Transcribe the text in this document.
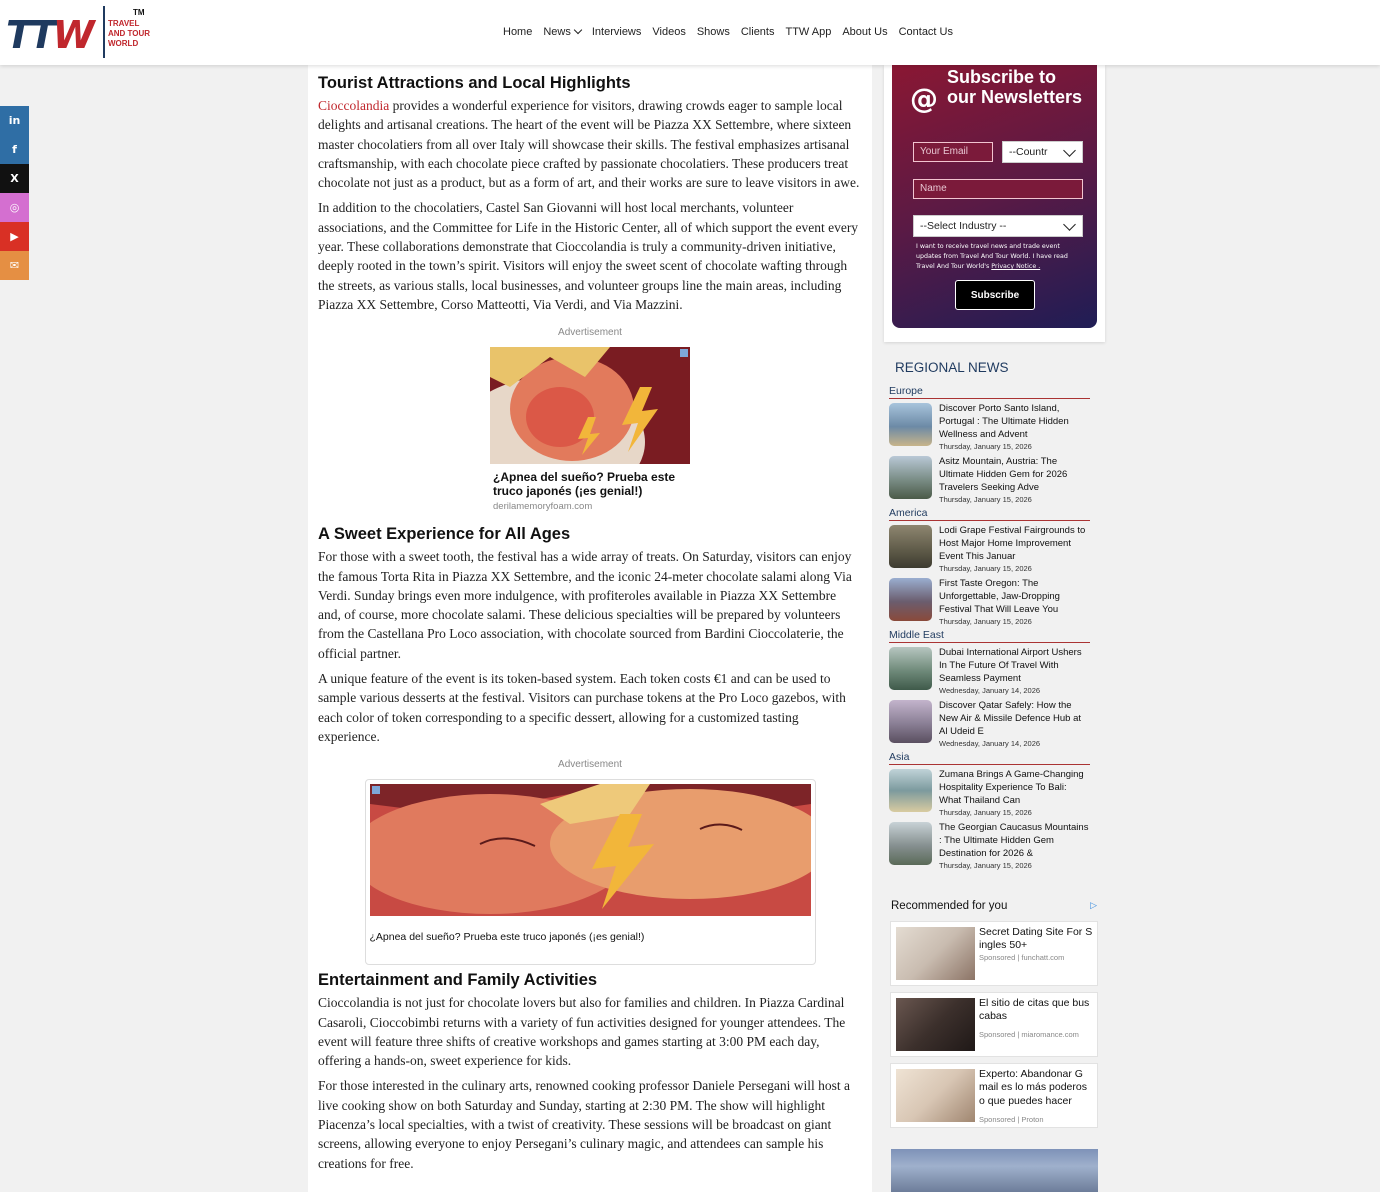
TTW TRAVEL
AND TOUR
WORLD
TM
Home News	Interviews Videos Shows Clients TTW App About Us Contact Us
in
f
X
◎
▶
✉
Tourist Attractions and Local Highlights

Cioccolandia provides a wonderful experience for visitors, drawing crowds eager to sample local delights and artisanal creations. The heart of the event will be Piazza XX Settembre, where sixteen master chocolatiers from all over Italy will showcase their skills. The festival emphasizes artisanal craftsmanship, with each chocolate piece crafted by passionate chocolatiers. These producers treat chocolate not just as a product, but as a form of art, and their works are sure to leave visitors in awe.

In addition to the chocolatiers, Castel San Giovanni will host local merchants, volunteer associations, and the Committee for Life in the Historic Center, all of which support the event every year. These collaborations demonstrate that Cioccolandia is truly a community-driven initiative, deeply rooted in the town’s spirit. Visitors will enjoy the sweet scent of chocolate wafting through the streets, as various stalls, local businesses, and volunteer groups line the main areas, including Piazza XX Settembre, Corso Matteotti, Via Verdi, and Via Mazzini.

Advertisement
¿Apnea del sueño? Prueba este truco japonés (¡es genial!)
derilamemoryfoam.com
A Sweet Experience for All Ages

For those with a sweet tooth, the festival has a wide array of treats. On Saturday, visitors can enjoy the famous Torta Rita in Piazza XX Settembre, and the iconic 24-meter chocolate salami along Via Verdi. Sunday brings even more indulgence, with profiteroles available in Piazza XX Settembre and, of course, more chocolate salami. These delicious specialties will be prepared by volunteers from the Castellana Pro Loco association, with chocolate sourced from Bardini Cioccolaterie, the official partner.

A unique feature of the event is its token-based system. Each token costs €1 and can be used to sample various desserts at the festival. Visitors can purchase tokens at the Pro Loco gazebos, with each color of token corresponding to a specific dessert, allowing for a customized tasting experience.

Advertisement
¿Apnea del sueño? Prueba este truco japonés (¡es genial!)
Entertainment and Family Activities

Cioccolandia is not just for chocolate lovers but also for families and children. In Piazza Cardinal Casaroli, Cioccobimbi returns with a variety of fun activities designed for younger attendees. The event will feature three shifts of creative workshops and games starting at 3:00 PM each day, offering a hands-on, sweet experience for kids.

For those interested in the culinary arts, renowned cooking professor Daniele Persegani will host a live cooking show on both Saturday and Sunday, starting at 2:30 PM. The show will highlight Piacenza’s local specialties, with a twist of creativity. These sessions will be broadcast on giant screens, allowing everyone to enjoy Persegani’s culinary magic, and attendees can sample his creations for free.

@
Subscribe to our Newsletters
Your Email	--Countr
Name
--Select Industry --
I want to receive travel news and trade event updates from Travel And Tour World. I have read Travel And Tour World's Privacy Notice .
Subscribe
REGIONAL NEWS
Europe
Discover Porto Santo Island, Portugal : The Ultimate Hidden Wellness and Advent
Thursday, January 15, 2026
Asitz Mountain, Austria: The Ultimate Hidden Gem for 2026 Travelers Seeking Adve
Thursday, January 15, 2026
America
Lodi Grape Festival Fairgrounds to Host Major Home Improvement Event This Januar
Thursday, January 15, 2026
First Taste Oregon: The Unforgettable, Jaw-Dropping Festival That Will Leave You
Thursday, January 15, 2026
Middle East
Dubai International Airport Ushers In The Future Of Travel With Seamless Payment
Wednesday, January 14, 2026
Discover Qatar Safely: How the New Air & Missile Defence Hub at Al Udeid E
Wednesday, January 14, 2026
Asia
Zumana Brings A Game-Changing Hospitality Experience To Bali: What Thailand Can
Thursday, January 15, 2026
The Georgian Caucasus Mountains : The Ultimate Hidden Gem Destination for 2026 &
Thursday, January 15, 2026
Recommended for you	▷
Secret Dating Site For S ingles 50+
Sponsored | funchatt.com
El sitio de citas que bus cabas
Sponsored | miaromance.com
Experto: Abandonar G mail es lo más poderos o que puedes hacer
Sponsored | Proton
